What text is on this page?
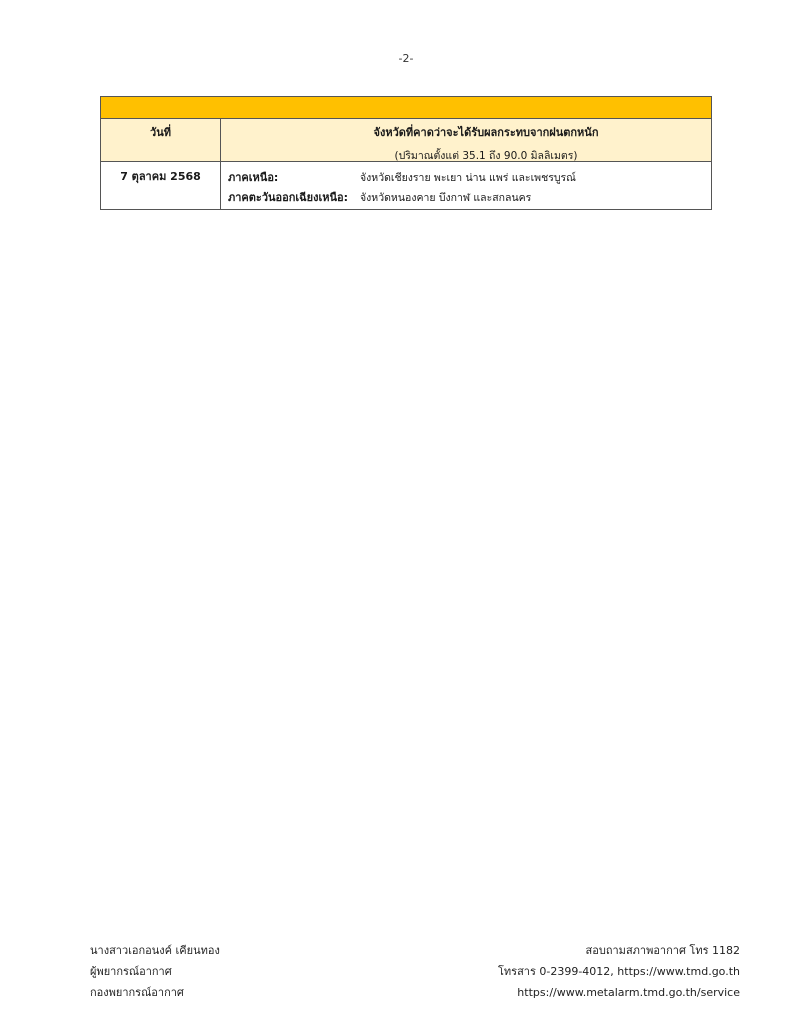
-2-
วันที่	จังหวัดที่คาดว่าจะได้รับผลกระทบจากฝนตกหนัก
(ปริมาณตั้งแต่ 35.1 ถึง 90.0 มิลลิเมตร)
7 ตุลาคม 2568	ภาคเหนือ:	จังหวัดเชียงราย พะเยา น่าน แพร่ และเพชรบูรณ์
ภาคตะวันออกเฉียงเหนือ:	จังหวัดหนองคาย บึงกาฬ และสกลนคร
นางสาวเอกอนงค์ เคียนทอง
ผู้พยากรณ์อากาศ
กองพยากรณ์อากาศ
สอบถามสภาพอากาศ โทร 1182
โทรสาร 0-2399-4012, https://www.tmd.go.th
https://www.metalarm.tmd.go.th/service
